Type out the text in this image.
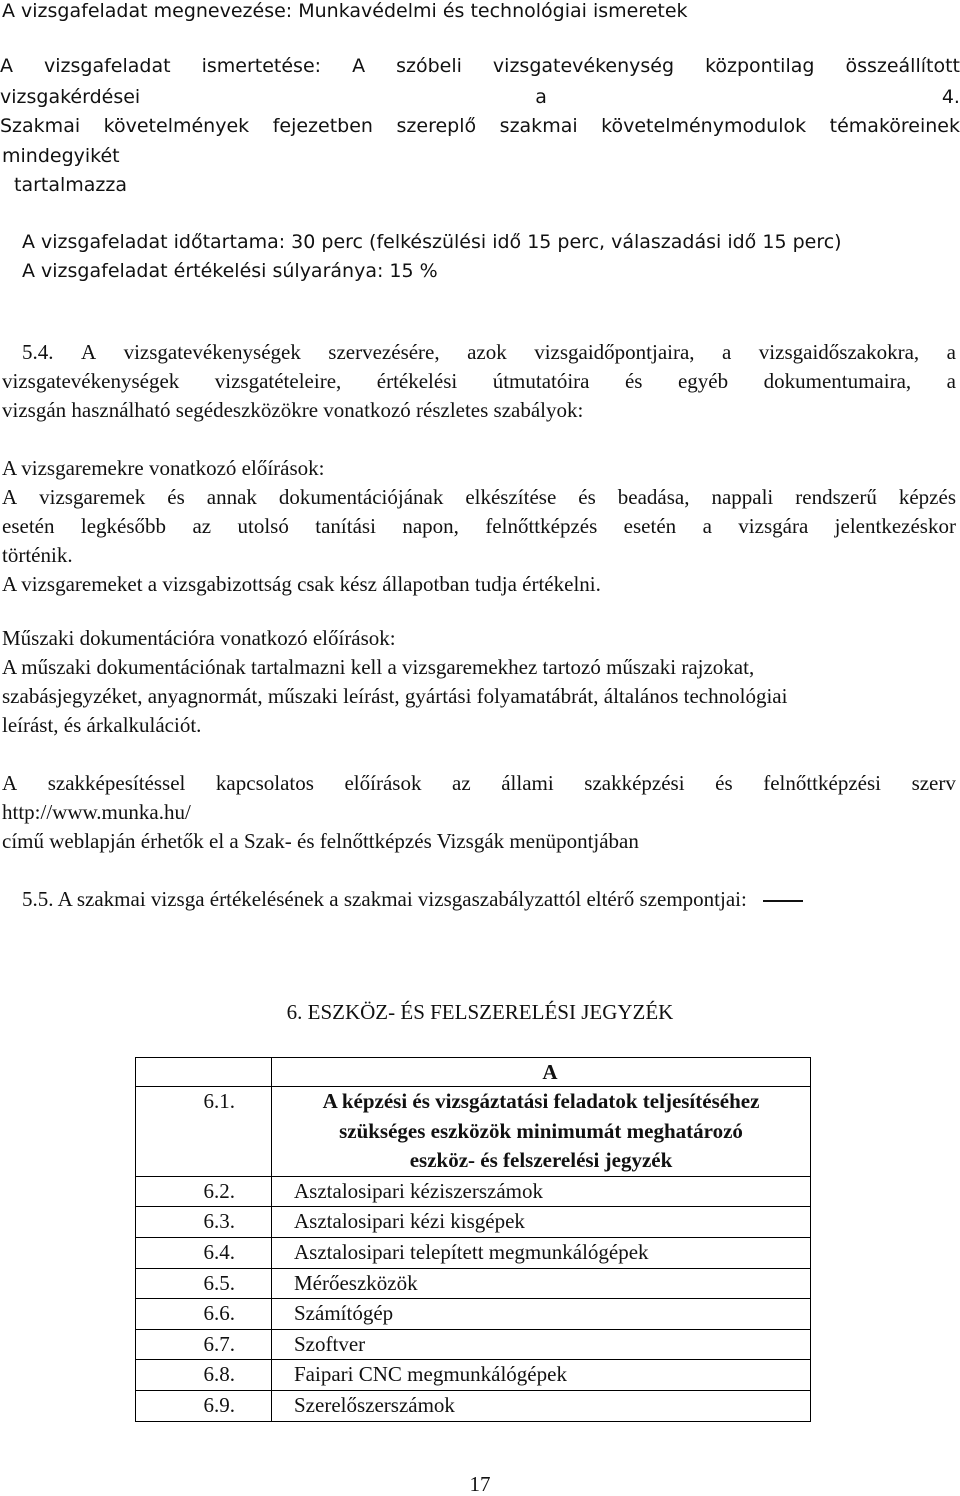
A vizsgafeladat megnevezése: Munkavédelmi és technológiai ismeretek
A vizsgafeladat ismertetése: A szóbeli vizsgatevékenység központilag összeállított
vizsgakérdései	a	4.
Szakmai követelmények fejezetben szereplő szakmai követelménymodulok témaköreinek
mindegyikét
tartalmazza
A vizsgafeladat időtartama: 30 perc (felkészülési idő 15 perc, válaszadási idő 15 perc)
A vizsgafeladat értékelési súlyaránya: 15 %
5.4. A vizsgatevékenységek szervezésére, azok vizsgaidőpontjaira, a vizsgaidőszakokra, a
vizsgatevékenységek vizsgatételeire, értékelési útmutatóira és egyéb dokumentumaira, a
vizsgán használható segédeszközökre vonatkozó részletes szabályok:
A vizsgaremekre vonatkozó előírások:
A vizsgaremek és annak dokumentációjának elkészítése és beadása, nappali rendszerű képzés
esetén legkésőbb az utolsó tanítási napon, felnőttképzés esetén a vizsgára jelentkezéskor
történik.
A vizsgaremeket a vizsgabizottság csak kész állapotban tudja értékelni.
Műszaki dokumentációra vonatkozó előírások:
A műszaki dokumentációnak tartalmazni kell a vizsgaremekhez tartozó műszaki rajzokat,
szabásjegyzéket, anyagnormát, műszaki leírást, gyártási folyamatábrát, általános technológiai
leírást, és árkalkulációt.
A szakképesítéssel kapcsolatos előírások az állami szakképzési és felnőttképzési szerv
http://www.munka.hu/
című weblapján érhetők el a Szak- és felnőttképzés Vizsgák menüpontjában
5.5. A szakmai vizsga értékelésének a szakmai vizsgaszabályzattól eltérő szempontjai:
6. ESZKÖZ- ÉS FELSZERELÉSI JEGYZÉK
	A
6.1.	A képzési és vizsgáztatási feladatok teljesítéséhez
szükséges eszközök minimumát meghatározó
eszköz- és felszerelési jegyzék

6.2.	Asztalosipari kéziszerszámok
6.3.	Asztalosipari kézi kisgépek
6.4.	Asztalosipari telepített megmunkálógépek
6.5.	Mérőeszközök
6.6.	Számítógép
6.7.	Szoftver
6.8.	Faipari CNC megmunkálógépek
6.9.	Szerelőszerszámok
17
